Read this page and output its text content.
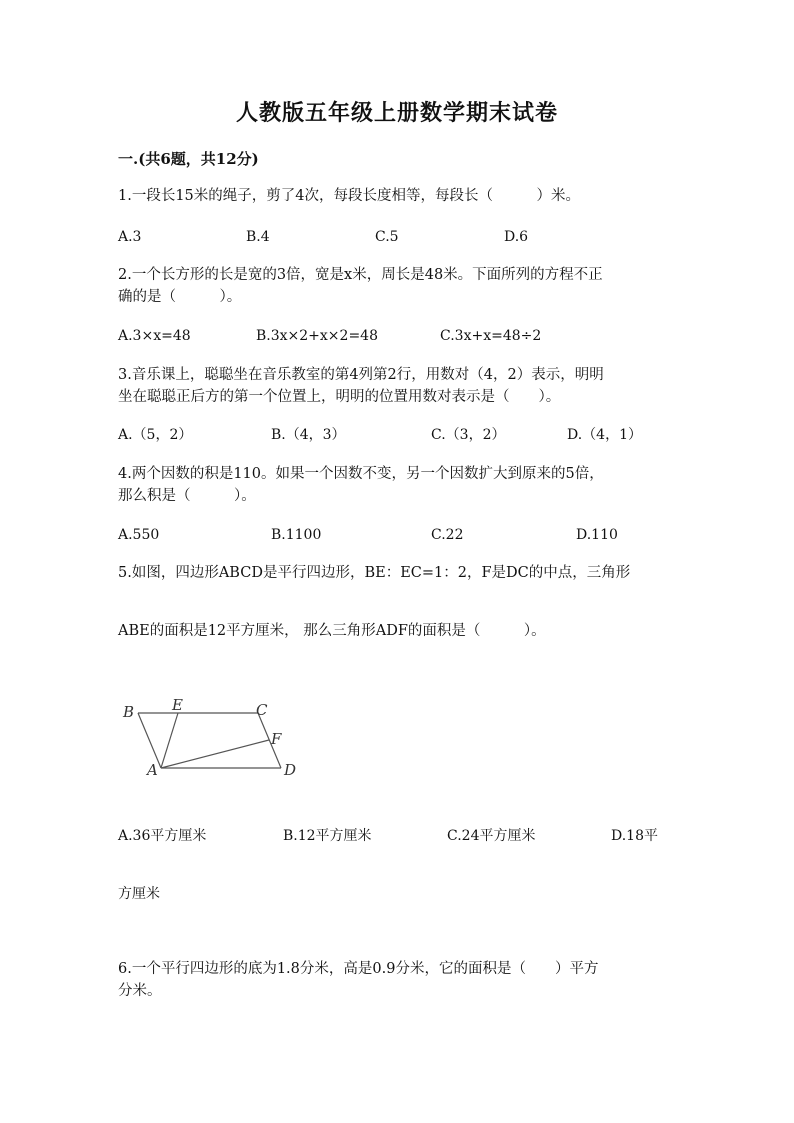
人教版五年级上册数学期末试卷
一.(共6题，共12分)
1.一段长15米的绳子，剪了4次，每段长度相等，每段长（　　　）米。
A.3	B.4	C.5	D.6
2.一个长方形的长是宽的3倍，宽是x米，周长是48米。下面所列的方程不正
确的是（　　　）。
A.3×x=48	B.3x×2+x×2=48	C.3x+x=48÷2
3.音乐课上，聪聪坐在音乐教室的第4列第2行，用数对（4，2）表示，明明
坐在聪聪正后方的第一个位置上，明明的位置用数对表示是（　　）。
A.（5，2）	B.（4，3）	C.（3，2）	D.（4，1）
4.两个因数的积是110。如果一个因数不变，另一个因数扩大到原来的5倍，
那么积是（　　　）。
A.550	B.1100	C.22	D.110
5.如图，四边形ABCD是平行四边形，BE：EC=1：2，F是DC的中点，三角形
ABE的面积是12平方厘米， 那么三角形ADF的面积是（　　　）。
B	E	C
F
A	D
A.36平方厘米	B.12平方厘米	C.24平方厘米	D.18平
方厘米
6.一个平行四边形的底为1.8分米，高是0.9分米，它的面积是（　　）平方
分米。
